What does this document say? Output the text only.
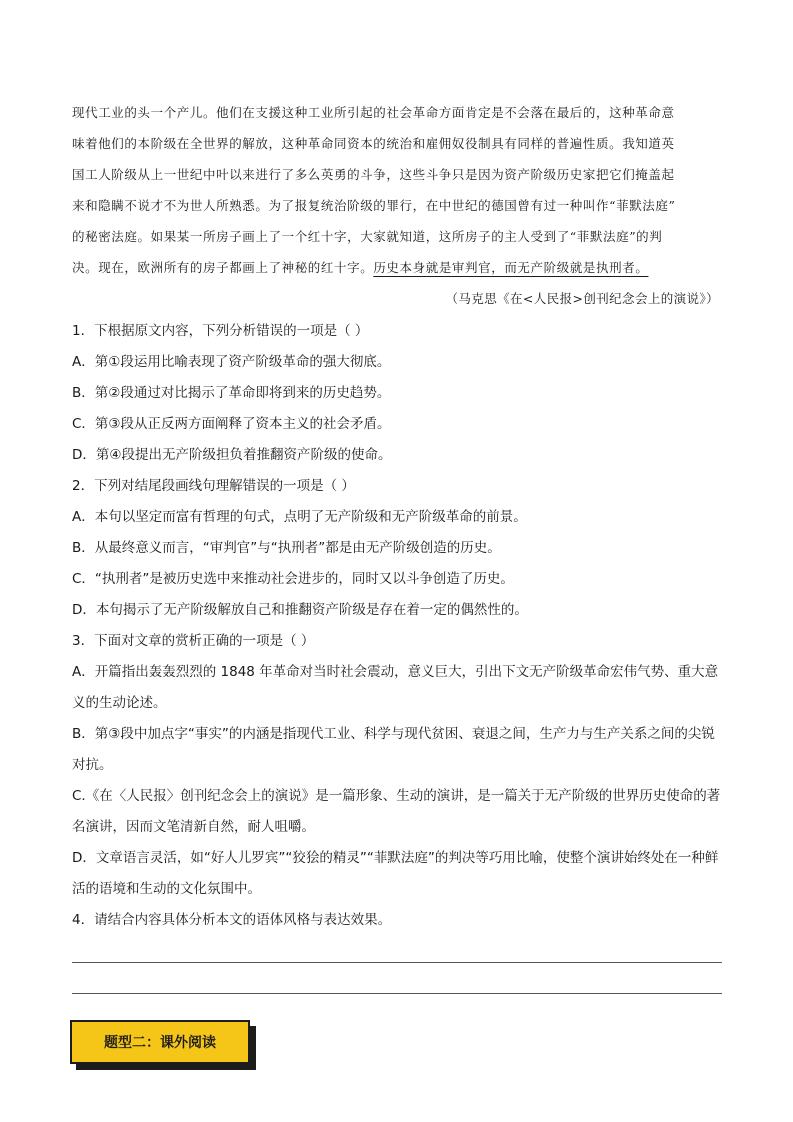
现代工业的头一个产儿。他们在支援这种工业所引起的社会革命方面肯定是不会落在最后的，这种革命意

味着他们的本阶级在全世界的解放，这种革命同资本的统治和雇佣奴役制具有同样的普遍性质。我知道英

国工人阶级从上一世纪中叶以来进行了多么英勇的斗争，这些斗争只是因为资产阶级历史家把它们掩盖起

来和隐瞒不说才不为世人所熟悉。为了报复统治阶级的罪行，在中世纪的德国曾有过一种叫作“菲默法庭”

的秘密法庭。如果某一所房子画上了一个红十字，大家就知道，这所房子的主人受到了“菲默法庭”的判

决。现在，欧洲所有的房子都画上了神秘的红十字。历史本身就是审判官，而无产阶级就是执刑者。

（马克思《在<人民报>创刊纪念会上的演说》）

1．下根据原文内容，下列分析错误的一项是（ ）

A．第①段运用比喻表现了资产阶级革命的强大彻底。

B．第②段通过对比揭示了革命即将到来的历史趋势。

C．第③段从正反两方面阐释了资本主义的社会矛盾。

D．第④段提出无产阶级担负着推翻资产阶级的使命。

2．下列对结尾段画线句理解错误的一项是（ ）

A．本句以坚定而富有哲理的句式，点明了无产阶级和无产阶级革命的前景。

B．从最终意义而言，“审判官”与“执刑者”都是由无产阶级创造的历史。

C．“执刑者”是被历史选中来推动社会进步的，同时又以斗争创造了历史。

D．本句揭示了无产阶级解放自己和推翻资产阶级是存在着一定的偶然性的。

3．下面对文章的赏析正确的一项是（ ）

A．开篇指出轰轰烈烈的 1848 年革命对当时社会震动，意义巨大，引出下文无产阶级革命宏伟气势、重大意义的生动论述。

B．第③段中加点字“事实”的内涵是指现代工业、科学与现代贫困、衰退之间，生产力与生产关系之间的尖锐对抗。

C.《在〈人民报〉创刊纪念会上的演说》是一篇形象、生动的演讲，是一篇关于无产阶级的世界历史使命的著名演讲，因而文笔清新自然，耐人咀嚼。

D．文章语言灵活，如“好人儿罗宾”“狡狯的精灵”“菲默法庭”的判决等巧用比喻，使整个演讲始终处在一种鲜活的语境和生动的文化氛围中。

4．请结合内容具体分析本文的语体风格与表达效果。

题型二：课外阅读
